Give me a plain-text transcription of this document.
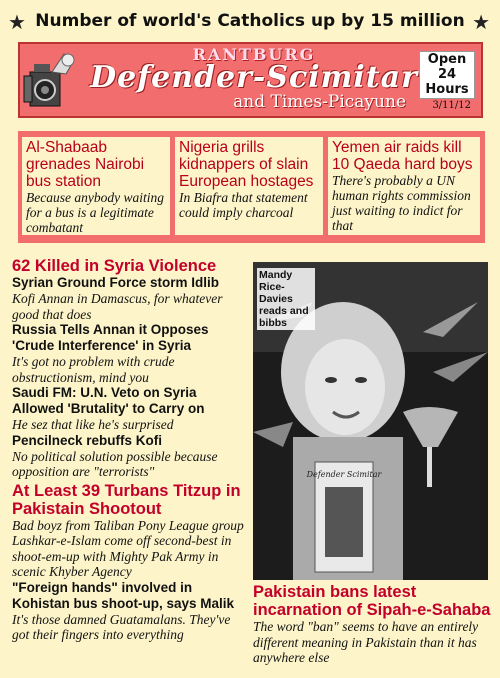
★ Number of world's Catholics up by 15 million ★
RANTBURG
Defender-Scimitar
and Times-Picayune
Open
24
Hours
3/11/12
Al-Shabaab grenades Nairobi bus station

Because anybody waiting for a bus is a legitimate combatant

Nigeria grills kidnappers of slain European hostages

In Biafra that statement could imply charcoal

Yemen air raids kill 10 Qaeda hard boys

There's probably a UN human rights commission just waiting to indict for that

62 Killed in Syria Violence

Syrian Ground Force storm Idlib

Kofi Annan in Damascus, for whatever good that does

Russia Tells Annan it Opposes 'Crude Interference' in Syria

It's got no problem with crude obstructionism, mind you

Saudi FM: U.N. Veto on Syria Allowed 'Brutality' to Carry on

He sez that like he's surprised

Pencilneck rebuffs Kofi

No political solution possible because opposition are "terrorists"

At Least 39 Turbans Titzup in Pakistain Shootout

Bad boyz from Taliban Pony League group Lashkar-e-Islam come off second-best in shoot-em-up with Mighty Pak Army in scenic Khyber Agency

"Foreign hands" involved in Kohistan bus shoot-up, says Malik

It's those damned Guatamalans. They've got their fingers into everything

Defender Scimitar
Mandy Rice-Davies reads and bibbs
Pakistain bans latest incarnation of Sipah-e-Sahaba

The word "ban" seems to have an entirely different meaning in Pakistain than it has anywhere else
